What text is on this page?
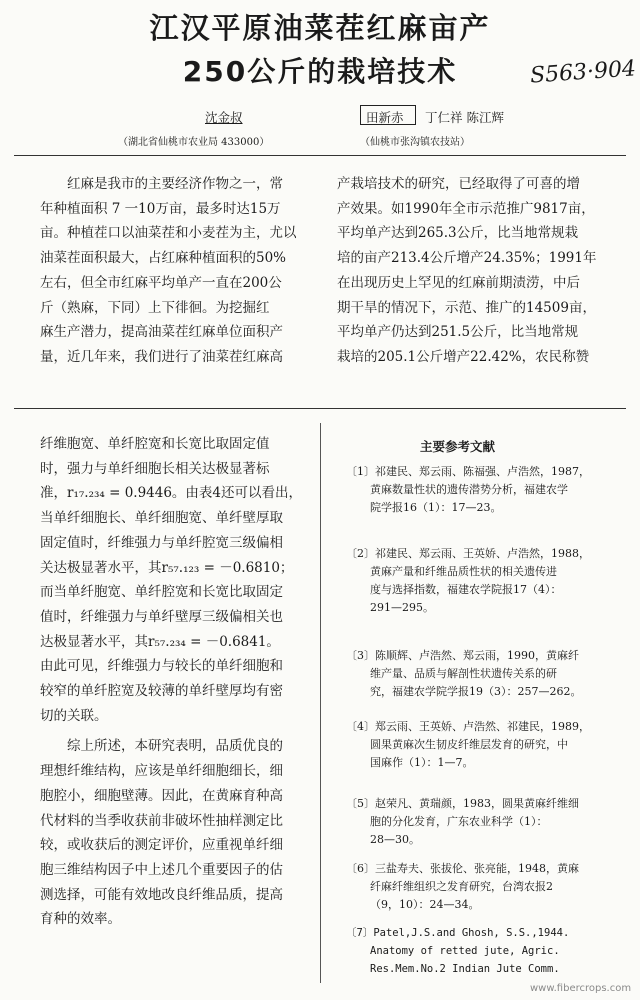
江汉平原油菜茬红麻亩产
250公斤的栽培技术	S563·904
沈金叔
（湖北省仙桃市农业局 433000）
田新赤 丁仁祥 陈江辉
（仙桃市张沟镇农技站）

红麻是我市的主要经济作物之一，常

年种植面积 7 一10万亩，最多时达15万

亩。种植茬口以油菜茬和小麦茬为主，尤以

油菜茬面积最大，占红麻种植面积的50%

左右，但全市红麻平均单产一直在200公

斤（熟麻，下同）上下徘徊。为挖掘红

麻生产潜力，提高油菜茬红麻单位面积产

量，近几年来，我们进行了油菜茬红麻高

产栽培技术的研究，已经取得了可喜的增

产效果。如1990年全市示范推广9817亩，

平均单产达到265.3公斤，比当地常规栽

培的亩产213.4公斤增产24.35%；1991年

在出现历史上罕见的红麻前期渍涝，中后

期干旱的情况下，示范、推广的14509亩，

平均单产仍达到251.5公斤，比当地常规

栽培的205.1公斤增产22.42%，农民称赞

纤维胞宽、单纤腔宽和长宽比取固定值

时，强力与单纤细胞长相关达极显著标

准，r₁₇.₂₃₄ = 0.9446。由表4还可以看出，

当单纤细胞长、单纤细胞宽、单纤壁厚取

固定值时，纤维强力与单纤腔宽三级偏相

关达极显著水平，其r₅₇.₁₂₃ = －0.6810；

而当单纤胞宽、单纤腔宽和长宽比取固定

值时，纤维强力与单纤壁厚三级偏相关也

达极显著水平，其r₅₇.₂₃₄ = －0.6841。

由此可见，纤维强力与较长的单纤细胞和

较窄的单纤腔宽及较薄的单纤壁厚均有密

切的关联。

综上所述，本研究表明，品质优良的

理想纤维结构，应该是单纤细胞细长，细

胞腔小，细胞壁薄。因此，在黄麻育种高

代材料的当季收获前非破坏性抽样测定比

较，或收获后的测定评价，应重视单纤细

胞三维结构因子中上述几个重要因子的估

测选择，可能有效地改良纤维品质，提高

育种的效率。

主要参考文献
〔1〕祁建民、郑云雨、陈福强、卢浩然，1987，
黄麻数量性状的遗传潜势分析，福建农学
院学报16（1）：17—23。
〔2〕祁建民、郑云雨、王英娇、卢浩然，1988，
黄麻产量和纤维品质性状的相关遗传进
度与选择指数，福建农学院报17（4）：
291—295。
〔3〕陈顺辉、卢浩然、郑云雨，1990，黄麻纤
维产量、品质与解剖性状遗传关系的研
究，福建农学院学报19（3）：257—262。
〔4〕郑云雨、王英娇、卢浩然、祁建民，1989，
圆果黄麻次生韧皮纤维层发育的研究，中
国麻作（1）：1—7。
〔5〕赵荣凡、黄瑞颜，1983，圆果黄麻纤维细
胞的分化发育，广东农业科学（1）：
28—30。
〔6〕三盐寿夫、张拔伦、张亮能，1948，黄麻
纤麻纤维组织之发育研究，台湾农报2
（9，10）：24—34。
〔7〕Patel,J.S.and Ghosh, S.S.,1944.
Anatomy of retted jute, Agric.
Res.Mem.No.2 Indian Jute Comm.
www.fibercrops.com
